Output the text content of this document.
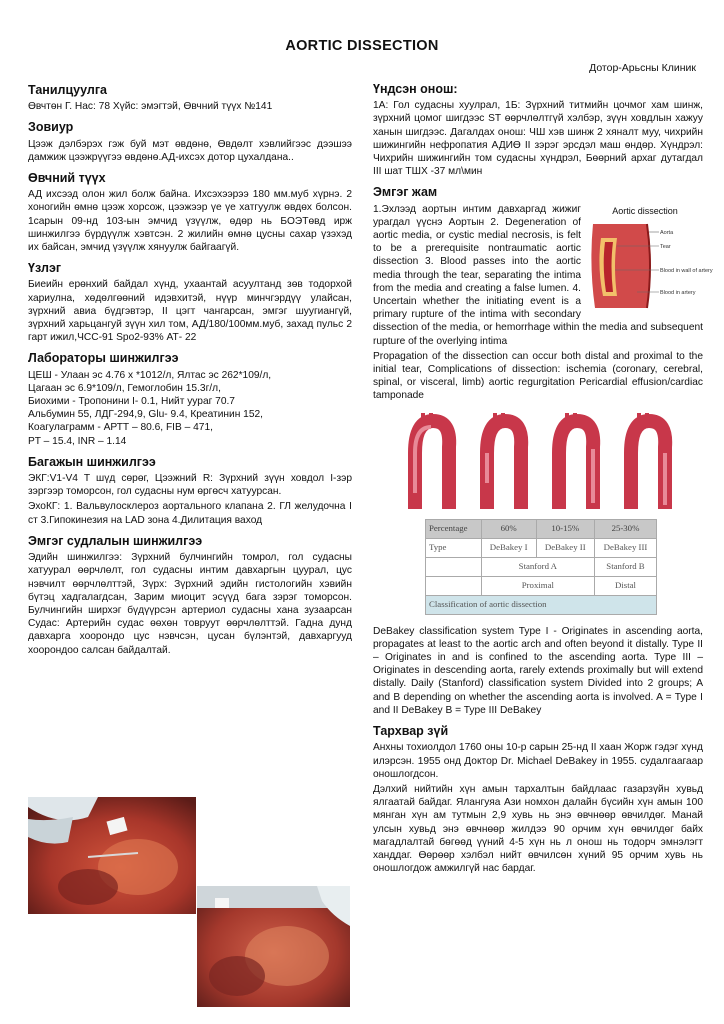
AORTIC DISSECTION
Дотор-Арьсны Клиник
Танилцуулга

Өвчтөн Г. Нас: 78 Хүйс: эмэгтэй, Өвчний түүх №141

Зовиур

Цээж дэлбэрэх гэж буй мэт өвдөнө, Өвдөлт хэвлийгээс дээшээ дамжиж цээжрүүгээ өвдөнө.АД-ихсэх дотор цухалдана..

Өвчний түүх

АД ихсээд олон жил болж байна. Ихсэхээрээ 180 мм.муб хүрнэ. 2 хоногийн өмнө цээж хорсож, цээжээр үе үе хатгуулж өвдөх болсон. 1сарын 09-нд 103-ын эмчид үзүүлж, өдөр нь БОЭТөвд ирж шинжилгээ бүрдүүлж хэвтсэн. 2 жилийн өмнө цусны сахар үзэхэд их байсан, эмчид үзүүлж хянуулж байгаагүй.

Үзлэг

Биеийн ерөнхий байдал хүнд, ухаантай асуултанд зөв тодорхой хариулна, хөдөлгөөний идэвхитэй, нүүр минчгэрдүү улайсан, зүрхний авиа бүдгэвтэр, II цэгт чангарсан, эмгэг шуугиангүй, зүрхний харьцангуй зүүн хил том, АД/180/100мм.муб, захад пульс 2 гарт ижил,ЧСС-91 Spo2-93% АТ- 22

Лабораторы шинжилгээ

ЦЕШ - Улаан эс 4.76 х *1012/л, Ялтас эс 262*109/л,
Цагаан эс 6.9*109/л, Гемоглобин 15.3г/л,
Биохими - Тропонини I- 0.1, Нийт уураг 70.7
Альбумин 55, ЛДГ-294,9, Glu- 9.4, Креатинин 152,
Коагулаграмм - АРТТ – 80.6, FIB – 471,
PT – 15.4, INR – 1.14

Багажын шинжилгээ

ЭКГ:V1-V4 T шүд сөрөг, Цээжний R: Зүрхний зүүн ховдол I-зэр зэргээр томорсон, гол судасны нум өргөсч хатуурсан.

ЭхоКГ: 1. Вальвулосклероз аортального клапана 2. ГЛ желудочна I ст 3.Гипокинезия на LAD зона 4.Дилитация ваход

Эмгэг судлалын шинжилгээ

Эдийн шинжилгээ: Зүрхний булчингийн томрол, гол судасны хатуурал өөрчлөлт, гол судасны интим давхаргын цуурал, цус нэвчилт өөрчлөлттэй, Зүрх: Зүрхний эдийн гистологийн хэвийн бүтэц хадгалагдсан, Зарим миоцит эсүүд бага зэрэг томорсон. Булчингийн ширхэг бүдүүрсэн артериол судасны хана зузаарсан Судас: Артерийн судас өөхөн товруут өөрчлөлттэй. Гадна дунд давхарга хоорондо цус нэвчсэн, цусан бүлэнтэй, давхаргууд хоорондоо салсан байдалтай.

Үндсэн онош:

1А: Гол судасны хуулрал, 1Б: Зүрхний титмийн цочмог хам шинж, зүрхний цомог шигдээс ST өөрчлөлтгүй хэлбэр, зүүн ховдлын хажуу ханын шигдээс. Дагалдах онош: ЧШ хэв шинж 2 хяналт муу, чихрийн шижингийн нефропатия АДИӨ II зэрэг эрсдэл маш өндөр. Хүндрэл: Чихрийн шижингийн том судасны хүндрэл, Бөөрний архаг дутагдал III шат ТШХ -37 мл\мин

Эмгэг жам
Aortic dissection
Aorta
Tear
Blood in wall of artery
Blood in artery

1.Эхлээд аортын интим давхаргад жижиг урагдал үүснэ Аортын 2. Degeneration of aortic media, or cystic medial necrosis, is felt to be a prerequisite nontraumatic aortic dissection 3. Blood passes into the aortic media through the tear, separating the intima from the media and creating a false lumen. 4. Uncertain whether the initiating event is a primary rupture of the intima with secondary dissection of the media, or hemorrhage within the media and subsequent rupture of the overlying intima

Propagation of the dissection can occur both distal and proximal to the initial tear, Complications of dissection: ischemia (coronary, cerebral, spinal, or visceral, limb) aortic regurgitation Pericardial effusion/cardiac tamponade

Percentage	60%	10-15%	25-30%
Type	DeBakey I	DeBakey II	DeBakey III
	Stanford A		Stanford B
	Proximal		Distal
Classification of aortic dissection			

DeBakey classification system Type I - Originates in ascending aorta, propagates at least to the aortic arch and often beyond it distally. Type II – Originates in and is confined to the ascending aorta. Type III – Originates in descending aorta, rarely extends proximally but will extend distally. Daily (Stanford) classification system Divided into 2 groups; A and B depending on whether the ascending aorta is involved. A = Type I and II DeBakey B = Type III DeBakey

Тархвар зүй

Анхны тохиолдол 1760 оны 10-р сарын 25-нд II хаан Жорж гэдэг хүнд илэрсэн. 1955 онд Доктор Dr. Michael DeBakey in 1955. судалгаагаар оношлогдсон.

Дэлхий нийтийн хүн амын тархалтын байдлаас газарзүйн хувьд ялгаатай байдаг. Ялангуяа Ази номхон далайн бүсийн хүн амын 100 мянган хүн ам тутмын 2,9 хувь нь энэ өвчнөөр өвчилдөг. Манай улсын хувьд энэ өвчнөөр жилдээ 90 орчим хүн өвчилдөг байх магадлалтай бөгөөд үүний 4-5 хүн нь л онош нь тодорч эмнэлэгт ханддаг. Өөрөөр хэлбэл нийт өвчилсөн хүний 95 орчим хувь нь оношлогдож амжилгүй нас бардаг.
